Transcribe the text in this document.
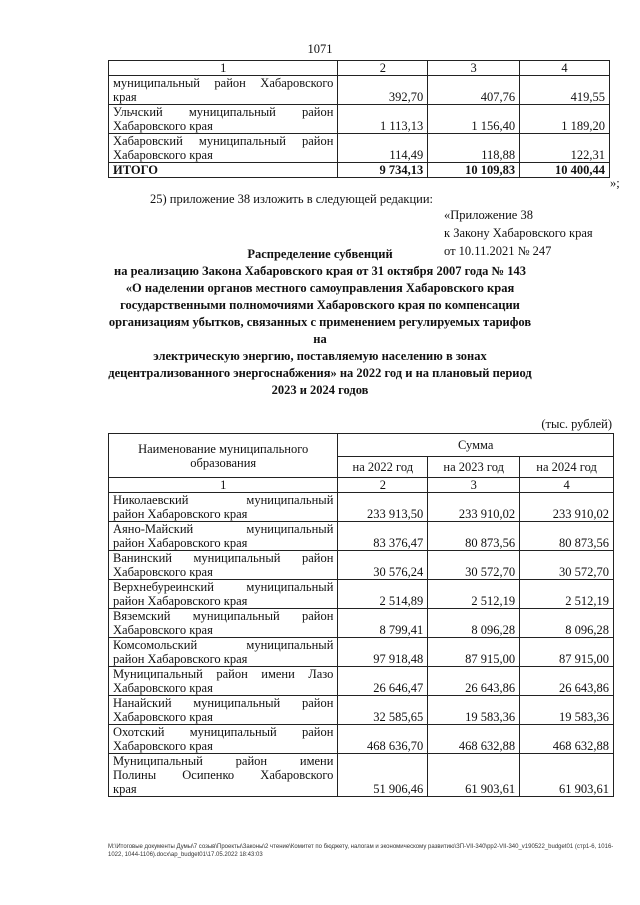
1071
1	2	3	4

муниципальный район Хабаровского
края	392,70	407,76	419,55

Ульчский муниципальный район
Хабаровского края	1 113,13	1 156,40	1 189,20

Хабаровский муниципальный район
Хабаровского края	114,49	118,88	122,31
ИТОГО	9 734,13	10 109,83	10 400,44
»;
25) приложение 38 изложить в следующей редакции:
«Приложение 38
к Закону Хабаровского края
от 10.11.2021 № 247
Распределение субвенций
на реализацию Закона Хабаровского края от 31 октября 2007 года № 143
«О наделении органов местного самоуправления Хабаровского края
государственными полномочиями Хабаровского края по компенсации
организациям убытков, связанных с применением регулируемых тарифов на
электрическую энергию, поставляемую населению в зонах
децентрализованного энергоснабжения» на 2022 год и на плановый период
2023 и 2024 годов
(тыс. рублей)
Наименование муниципального образования	Сумма		
	на 2022 год	на 2023 год	на 2024 год
1	2	3	4

Николаевский муниципальный
район Хабаровского края	233 913,50	233 910,02	233 910,02

Аяно-Майский муниципальный
район Хабаровского края	83 376,47	80 873,56	80 873,56

Ванинский муниципальный район
Хабаровского края	30 576,24	30 572,70	30 572,70

Верхнебуреинский муниципальный
район Хабаровского края	2 514,89	2 512,19	2 512,19

Вяземский муниципальный район
Хабаровского края	8 799,41	8 096,28	8 096,28

Комсомольский муниципальный
район Хабаровского края	97 918,48	87 915,00	87 915,00

Муниципальный район имени Лазо
Хабаровского края	26 646,47	26 643,86	26 643,86

Нанайский муниципальный район
Хабаровского края	32 585,65	19 583,36	19 583,36

Охотский муниципальный район
Хабаровского края	468 636,70	468 632,88	468 632,88

Муниципальный район имени
Полины Осипенко Хабаровского
края	51 906,46	61 903,61	61 903,61
М:\Итоговые документы Думы\7 созыв\Проекты\Законы\2 чтение\Комитет по бюджету, налогам и экономическому развитию\ЗП-VII-340\pp2-VII-340_v190522_budget01 (стр1-6, 1016-1022, 1044-1106).docx\ap_budget01\17.05.2022 18:43:03
